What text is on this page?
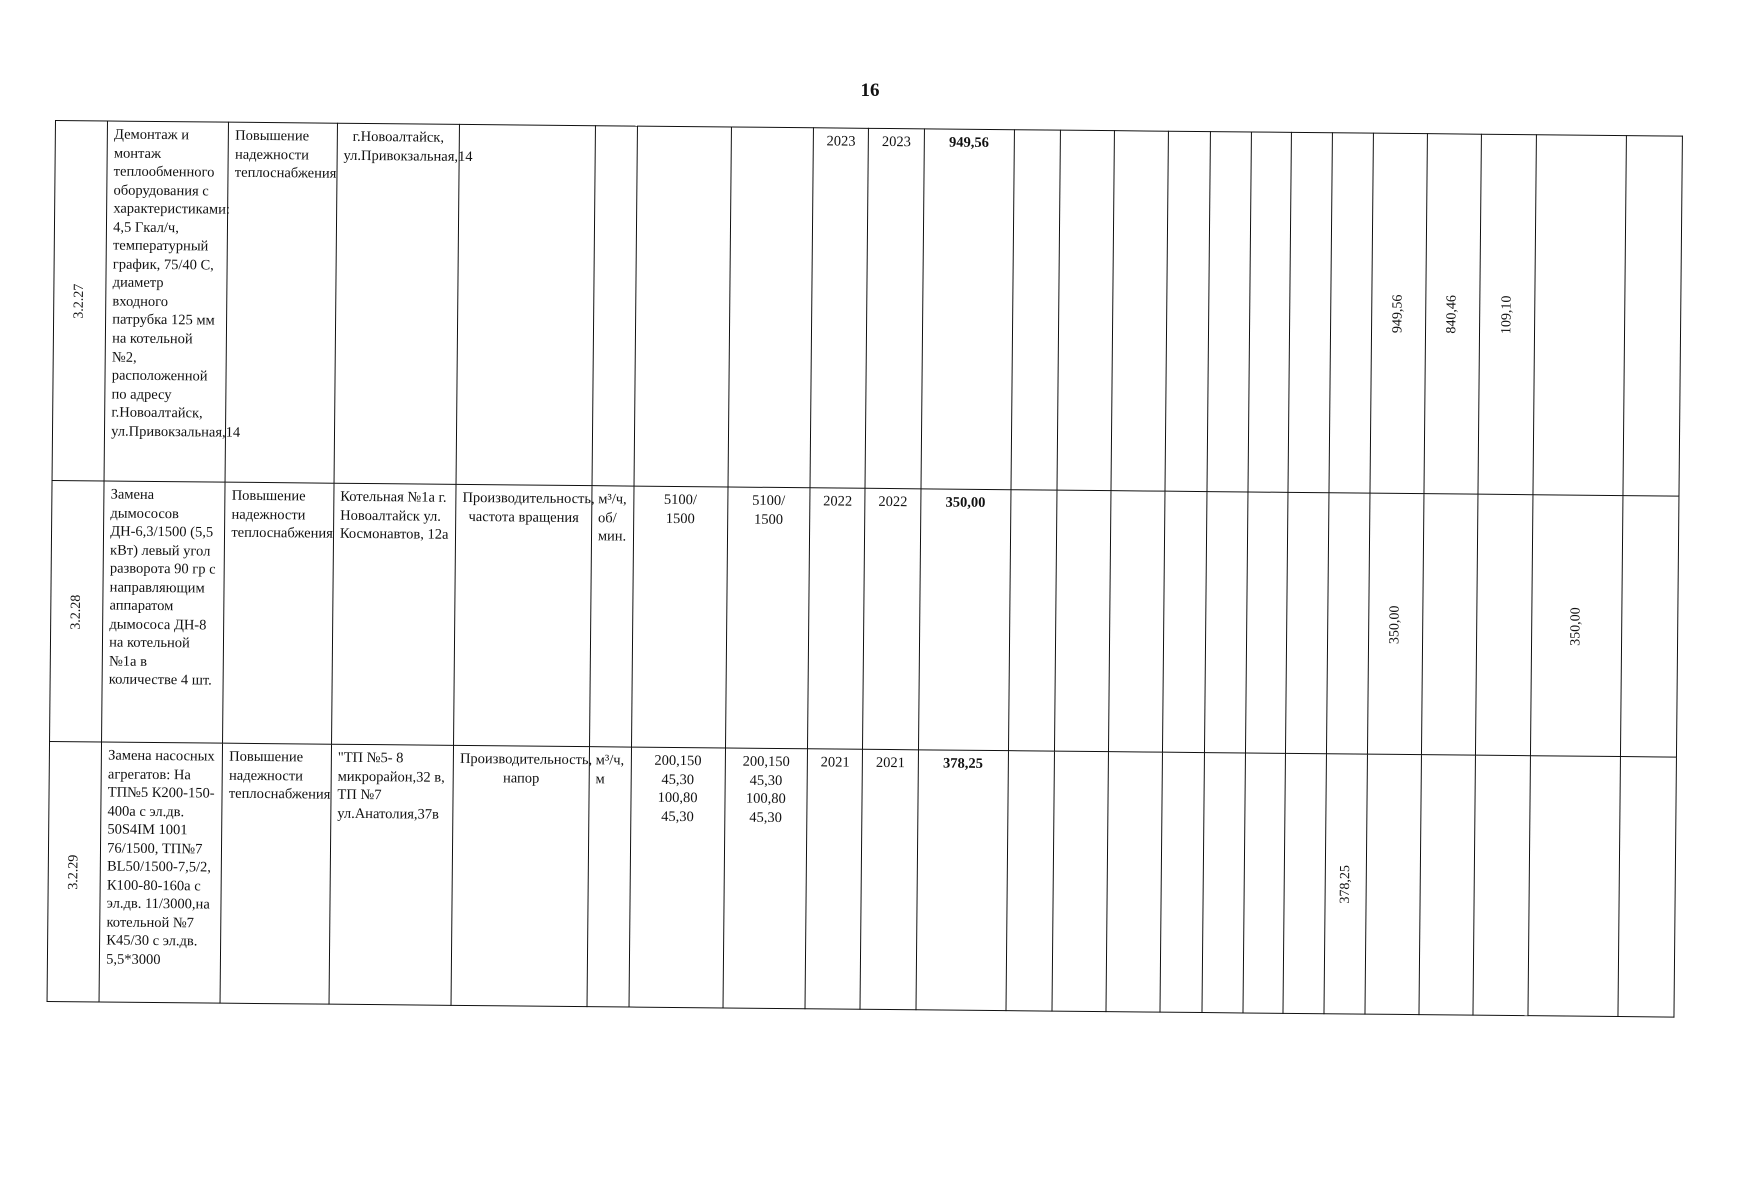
16
3.2.27	Демонтаж и монтаж теплообменного оборудования с характеристиками: 4,5 Гкал/ч, температурный график, 75/40 С, диаметр входного патрубка 125 мм на котельной №2, расположенной по адресу г.Новоалтайск, ул.Привокзальная,14	Повышение надежности теплоснабжения	г.Новоалтайск, ул.Привокзальная,14					2023	2023	949,56									949,56	840,46	109,10		
3.2.28	Замена дымососов ДН-6,3/1500 (5,5 кВт) левый угол разворота 90 гр с направляющим аппаратом дымососа ДН-8 на котельной №1а в количестве 4 шт.	Повышение надежности теплоснабжения	Котельная №1а г. Новоалтайск ул. Космонавтов, 12а	Производительность, частота вращения	м³/ч, об/мин.	5100/
1500	5100/
1500	2022	2022	350,00									350,00			350,00	
3.2.29	Замена насосных агрегатов: На ТП№5 К200-150-400а с эл.дв. 50S4IM 1001 76/1500, ТП№7 BL50/1500-7,5/2, К100-80-160а с эл.дв. 11/3000,на котельной №7 К45/30 с эл.дв. 5,5*3000	Повышение надежности теплоснабжения	"ТП №5- 8 микрорайон,32 в, ТП №7 ул.Анатолия,37в	Производительность, напор	м³/ч, м	200,150
45,30
100,80
45,30	200,150
45,30
100,80
45,30	2021	2021	378,25								378,25					
